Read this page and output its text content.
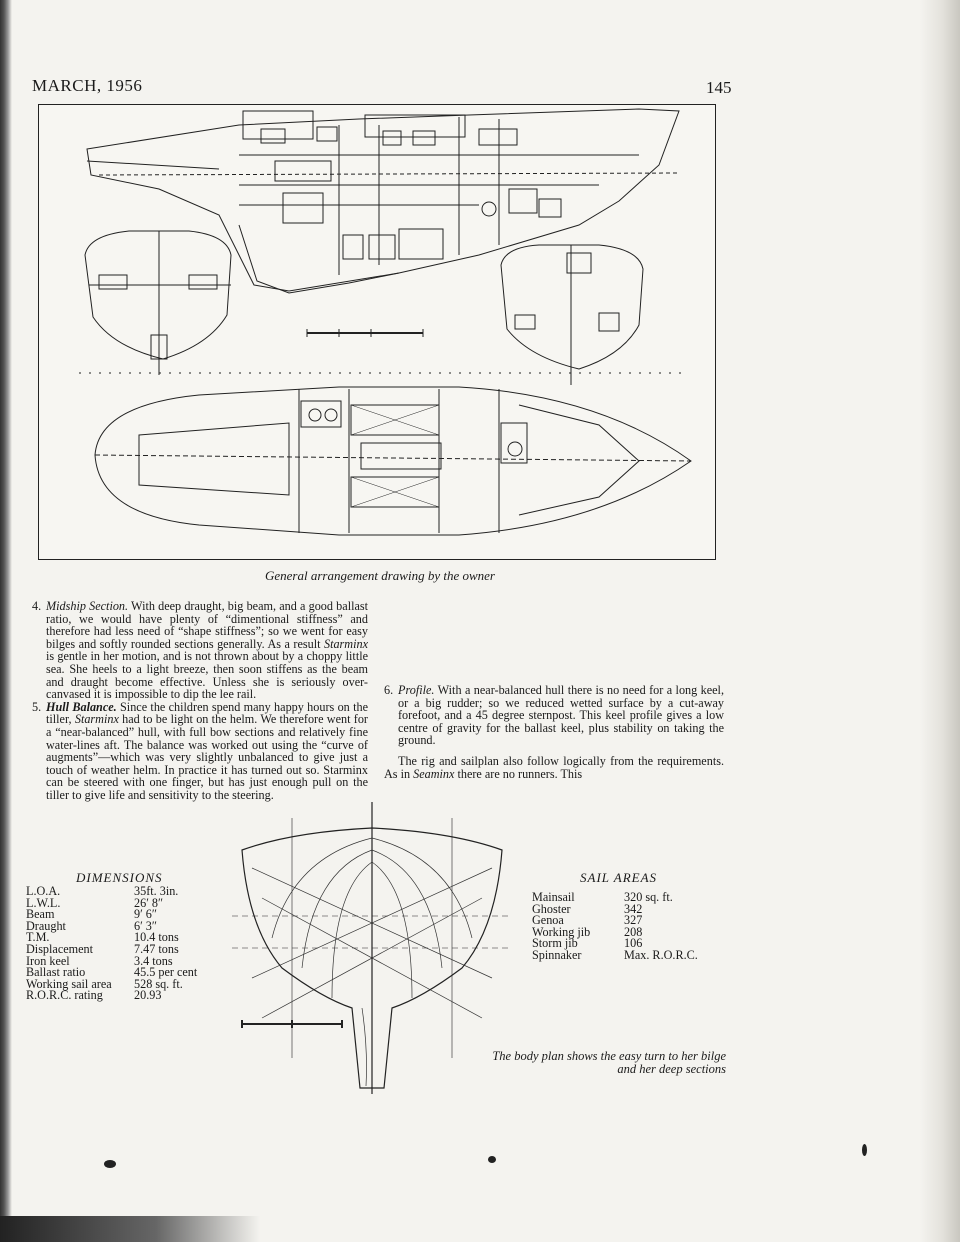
MARCH, 1956	145
General arrangement drawing by the owner
4. Midship Section. With deep draught, big beam, and a good ballast ratio, we would have plenty of “dimentional stiffness” and therefore had less need of “shape stiffness”; so we went for easy bilges and softly rounded sections generally. As a result Starminx is gentle in her motion, and is not thrown about by a choppy little sea. She heels to a light breeze, then soon stiffens as the beam and draught become effective. Unless she is seriously over-canvased it is impossible to dip the lee rail.
5. Hull Balance. Since the children spend many happy hours on the tiller, Starminx had to be light on the helm. We therefore went for a “near-balanced” hull, with full bow sections and relatively fine water-lines aft. The balance was worked out using the “curve of augments”—which was very slightly unbalanced to give just a touch of weather helm. In practice it has turned out so. Starminx can be steered with one finger, but has just enough pull on the tiller to give life and sensitivity to the steering.
6. Profile. With a near-balanced hull there is no need for a long keel, or a big rudder; so we reduced wetted surface by a cut-away forefoot, and a 45 degree sternpost. This keel profile gives a low centre of gravity for the ballast keel, plus stability on taking the ground.

The rig and sailplan also follow logically from the requirements. As in Seaminx there are no runners. This

DIMENSIONS
L.O.A.	35ft. 3in.
L.W.L.	26′ 8″
Beam	9′ 6″
Draught	6′ 3″
T.M.	10.4 tons
Displacement	7.47 tons
Iron keel	3.4 tons
Ballast ratio	45.5 per cent
Working sail area	528 sq. ft.
R.O.R.C. rating	20.93
SAIL AREAS
Mainsail	320 sq. ft.
Ghoster	342
Genoa	327
Working jib	208
Storm jib	106
Spinnaker	Max. R.O.R.C.
The body plan shows the easy turn to her bilge and her deep sections
